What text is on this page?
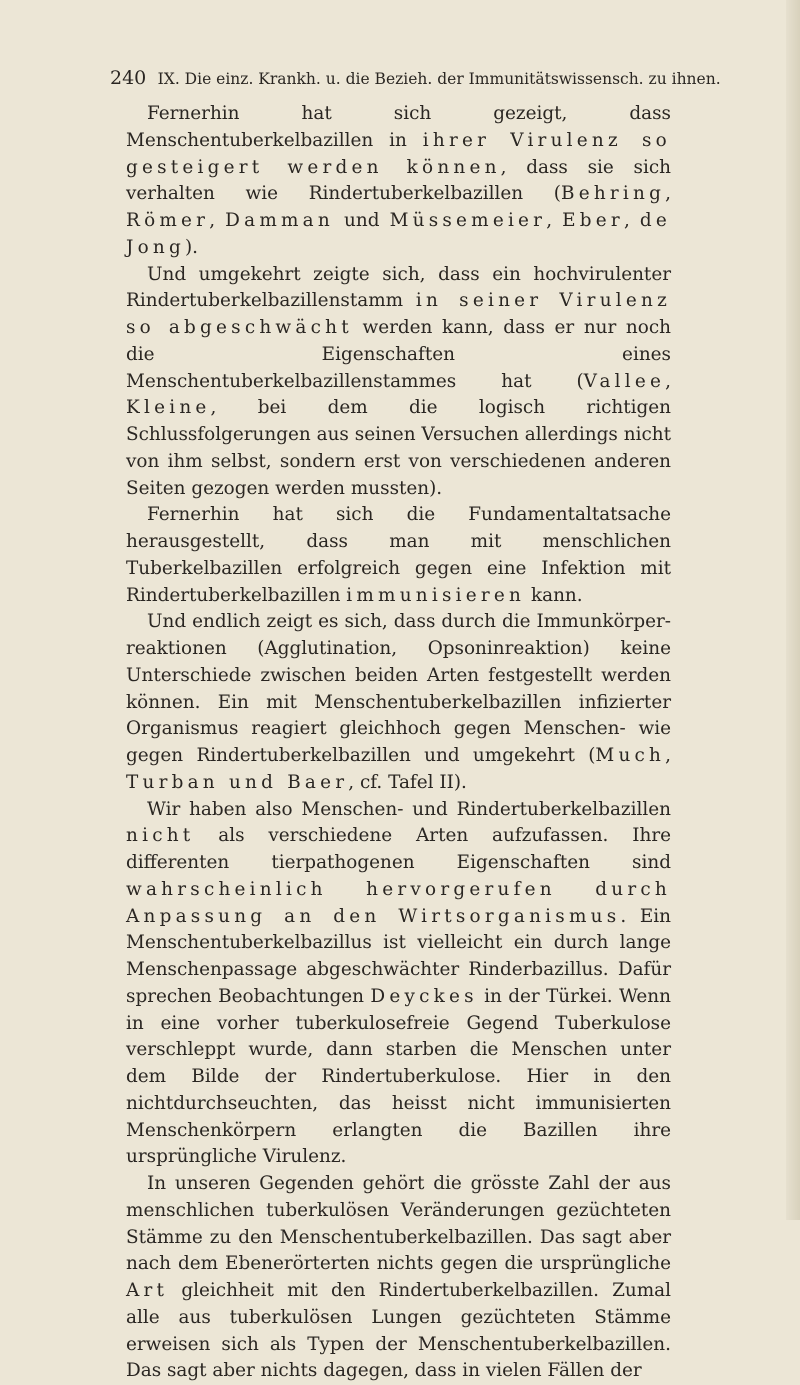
240 IX. Die einz. Krankh. u. die Bezieh. der Immunitätswissensch. zu ihnen.

Fernerhin hat sich gezeigt, dass Menschentuberkelbazillen in ihrer Virulenz so gesteigert werden können, dass sie sich verhalten wie Rindertuberkelbazillen (Behring, Römer, Damman und Müssemeier, Eber, de Jong).

Und umgekehrt zeigte sich, dass ein hochvirulenter Rindertuberkelbazillenstamm in seiner Virulenz so abgeschwächt werden kann, dass er nur noch die Eigenschaften eines Menschentuberkelbazillenstammes hat (Vallee, Kleine, bei dem die logisch richtigen Schlussfolgerungen aus seinen Versuchen allerdings nicht von ihm selbst, sondern erst von verschiedenen anderen Seiten gezogen werden mussten).

Fernerhin hat sich die Fundamentaltatsache herausgestellt, dass man mit menschlichen Tuberkelbazillen erfolgreich gegen eine Infektion mit Rindertuberkelbazillen immunisieren kann.

Und endlich zeigt es sich, dass durch die Immunkörperreaktionen (Agglutination, Opsoninreaktion) keine Unterschiede zwischen beiden Arten festgestellt werden können. Ein mit Menschentuberkelbazillen infizierter Organismus reagiert gleichhoch gegen Menschen- wie gegen Rindertuberkelbazillen und umgekehrt (Much, Turban und Baer, cf. Tafel II).

Wir haben also Menschen- und Rindertuberkelbazillen nicht als verschiedene Arten aufzufassen. Ihre differenten tierpathogenen Eigenschaften sind wahrscheinlich hervorgerufen durch Anpassung an den Wirtsorganismus. Ein Menschentuberkelbazillus ist vielleicht ein durch lange Menschenpassage abgeschwächter Rinderbazillus. Dafür sprechen Beobachtungen Deyckes in der Türkei. Wenn in eine vorher tuberkulosefreie Gegend Tuberkulose verschleppt wurde, dann starben die Menschen unter dem Bilde der Rindertuberkulose. Hier in den nichtdurchseuchten, das heisst nicht immunisierten Menschenkörpern erlangten die Bazillen ihre ursprüngliche Virulenz.

In unseren Gegenden gehört die grösste Zahl der aus menschlichen tuberkulösen Veränderungen gezüchteten Stämme zu den Menschentuberkelbazillen. Das sagt aber nach dem Ebenerörterten nichts gegen die ursprüngliche Art gleichheit mit den Rindertuberkelbazillen. Zumal alle aus tuberkulösen Lungen gezüchteten Stämme erweisen sich als Typen der Menschentuberkelbazillen. Das sagt aber nichts dagegen, dass in vielen Fällen der
